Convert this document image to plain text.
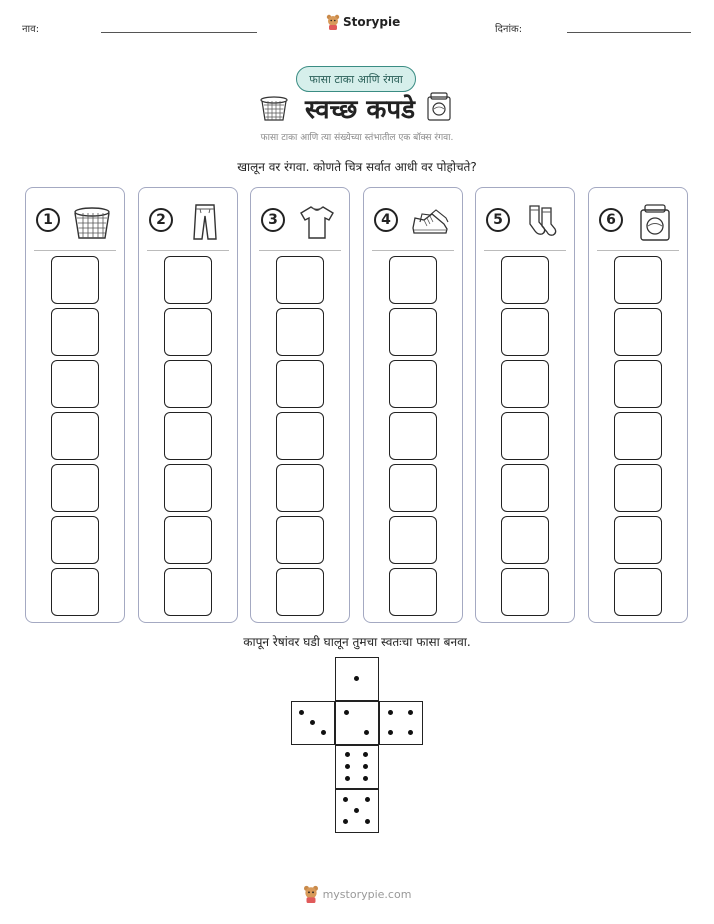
नाव:
Storypie
दिनांक:
फासा टाका आणि रंगवा
स्वच्छ कपडे
फासा टाका आणि त्या संख्येच्या स्तंभातील एक बॉक्स रंगवा.
खालून वर रंगवा. कोणते चित्र सर्वात आधी वर पोहोचते?
1	2	3	4	5	6
कापून रेषांवर घडी घालून तुमचा स्वतःचा फासा बनवा.
mystorypie.com
